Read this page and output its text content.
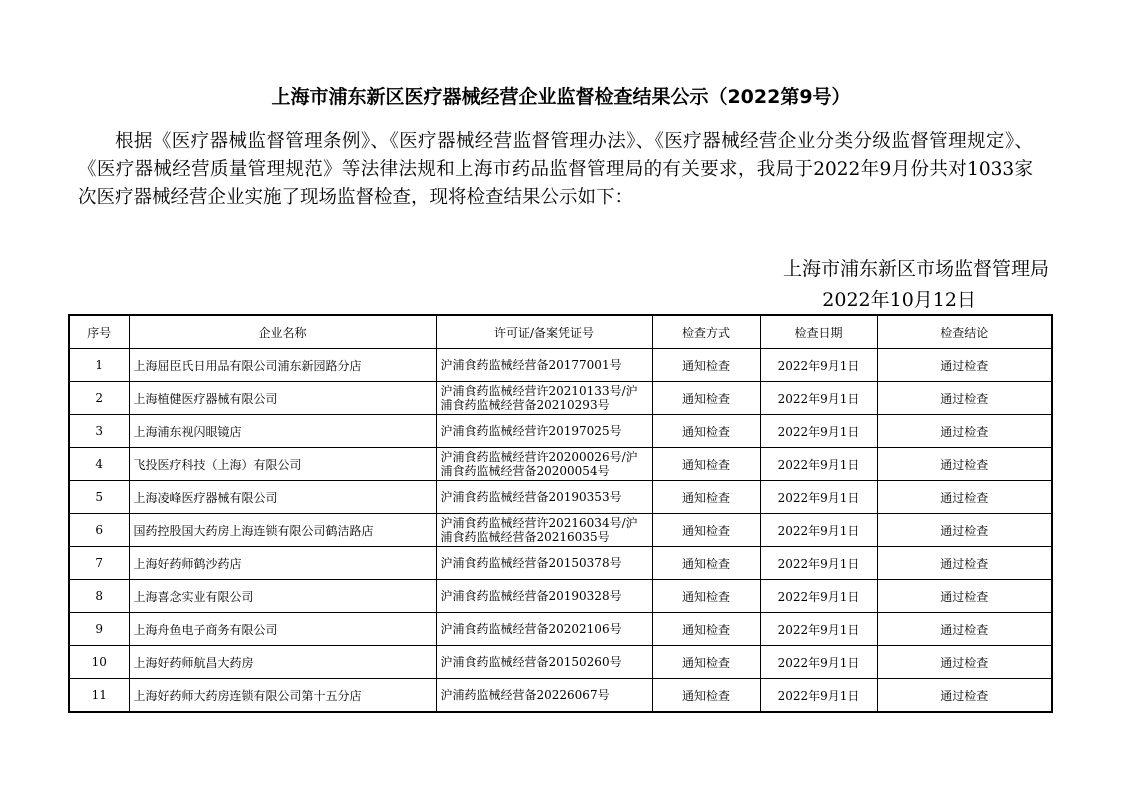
上海市浦东新区医疗器械经营企业监督检查结果公示（2022第9号）
根据《医疗器械监督管理条例》、《医疗器械经营监督管理办法》、《医疗器械经营企业分类分级监督管理规定》、《医疗器械经营质量管理规范》等法律法规和上海市药品监督管理局的有关要求，我局于2022年9月份共对1033家次医疗器械经营企业实施了现场监督检查，现将检查结果公示如下：
上海市浦东新区市场监督管理局
2022年10月12日
序号	企业名称	许可证/备案凭证号	检查方式	检查日期	检查结论
1	上海屈臣氏日用品有限公司浦东新园路分店	沪浦食药监械经营备20177001号	通知检查	2022年9月1日	通过检查
2	上海植健医疗器械有限公司	沪浦食药监械经营许20210133号/沪浦食药监械经营备20210293号	通知检查	2022年9月1日	通过检查
3	上海浦东视闪眼镜店	沪浦食药监械经营许20197025号	通知检查	2022年9月1日	通过检查
4	飞投医疗科技（上海）有限公司	沪浦食药监械经营许20200026号/沪浦食药监械经营备20200054号	通知检查	2022年9月1日	通过检查
5	上海凌峰医疗器械有限公司	沪浦食药监械经营备20190353号	通知检查	2022年9月1日	通过检查
6	国药控股国大药房上海连锁有限公司鹤洁路店	沪浦食药监械经营许20216034号/沪浦食药监械经营备20216035号	通知检查	2022年9月1日	通过检查
7	上海好药师鹤沙药店	沪浦食药监械经营备20150378号	通知检查	2022年9月1日	通过检查
8	上海喜念实业有限公司	沪浦食药监械经营备20190328号	通知检查	2022年9月1日	通过检查
9	上海舟鱼电子商务有限公司	沪浦食药监械经营备20202106号	通知检查	2022年9月1日	通过检查
10	上海好药师航昌大药房	沪浦食药监械经营备20150260号	通知检查	2022年9月1日	通过检查
11	上海好药师大药房连锁有限公司第十五分店	沪浦药监械经营备20226067号	通知检查	2022年9月1日	通过检查
